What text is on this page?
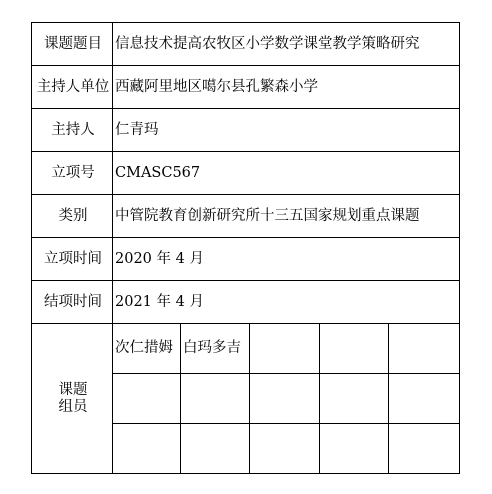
课题题目	信息技术提高农牧区小学数学课堂教学策略研究				
主持人单位	西藏阿里地区噶尔县孔繁森小学				
主持人	仁青玛				
立项号	CMASC567				
类别	中管院教育创新研究所十三五国家规划重点课题				
立项时间	2020 年 4 月				
结项时间	2021 年 4 月				

课题
组员	次仁措姆	白玛多吉			
